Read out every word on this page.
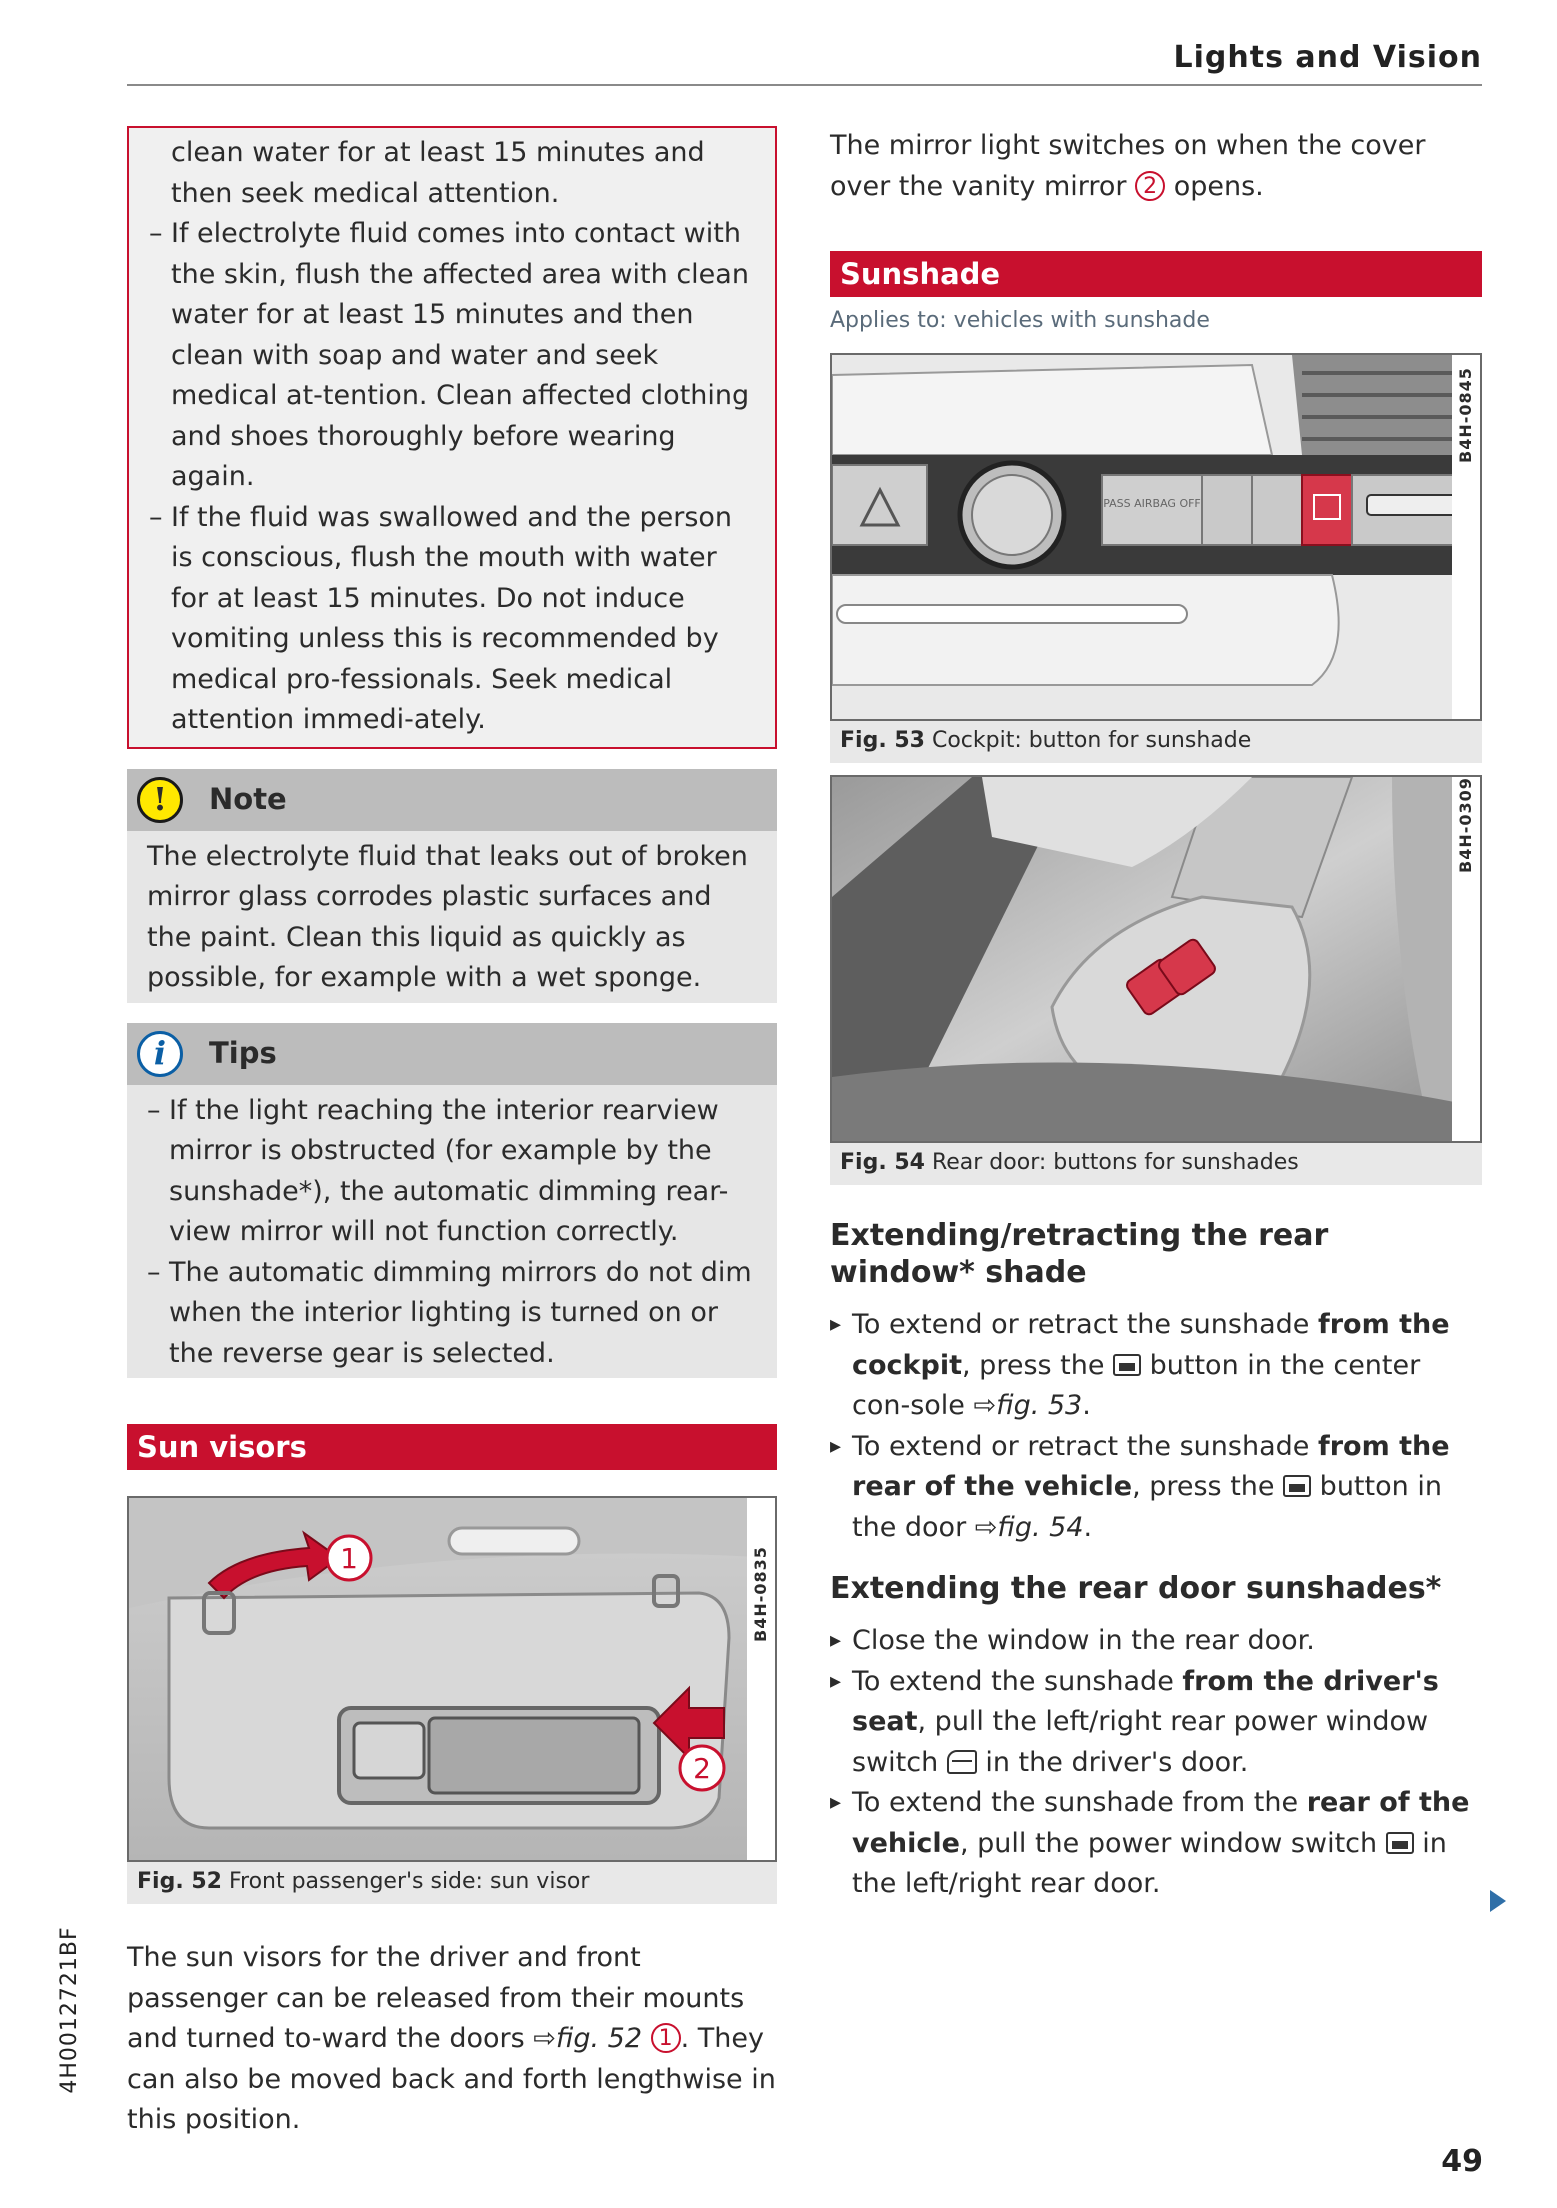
Lights and Vision
clean water for at least 15 minutes and then seek medical attention.
– If electrolyte fluid comes into contact with the skin, flush the affected area with clean water for at least 15 minutes and then clean with soap and water and seek medical at-tention. Clean affected clothing and shoes thoroughly before wearing again.
– If the fluid was swallowed and the person is conscious, flush the mouth with water for at least 15 minutes. Do not induce vomiting unless this is recommended by medical pro-fessionals. Seek medical attention immedi-ately.
!	Note
The electrolyte fluid that leaks out of broken mirror glass corrodes plastic surfaces and the paint. Clean this liquid as quickly as possible, for example with a wet sponge.
i	Tips
– If the light reaching the interior rearview mirror is obstructed (for example by the sunshade*), the automatic dimming rear-view mirror will not function correctly.
– The automatic dimming mirrors do not dim when the interior lighting is turned on or the reverse gear is selected.
Sun visors
1
2
B4H-0835
Fig. 52 Front passenger's side: sun visor
The sun visors for the driver and front passenger can be released from their mounts and turned to-ward the doors ⇨fig. 52 1 . They can also be moved back and forth lengthwise in this position.
The mirror light switches on when the cover over the vanity mirror 2 opens.
Sunshade
Applies to: vehicles with sunshade
PASS AIRBAG OFF
B4H-0845
Fig. 53 Cockpit: button for sunshade
B4H-0309
Fig. 54 Rear door: buttons for sunshades
Extending/retracting the rear window* shade
▸ To extend or retract the sunshade from the cockpit, press the  button in the center con-sole ⇨fig. 53.
▸ To extend or retract the sunshade from the rear of the vehicle, press the  button in the door ⇨fig. 54.
Extending the rear door sunshades*
▸ Close the window in the rear door.
▸ To extend the sunshade from the driver's seat, pull the left/right rear power window switch  in the driver's door.
▸ To extend the sunshade from the rear of the vehicle, pull the power window switch  in the left/right rear door.
4H0012721BF
49
